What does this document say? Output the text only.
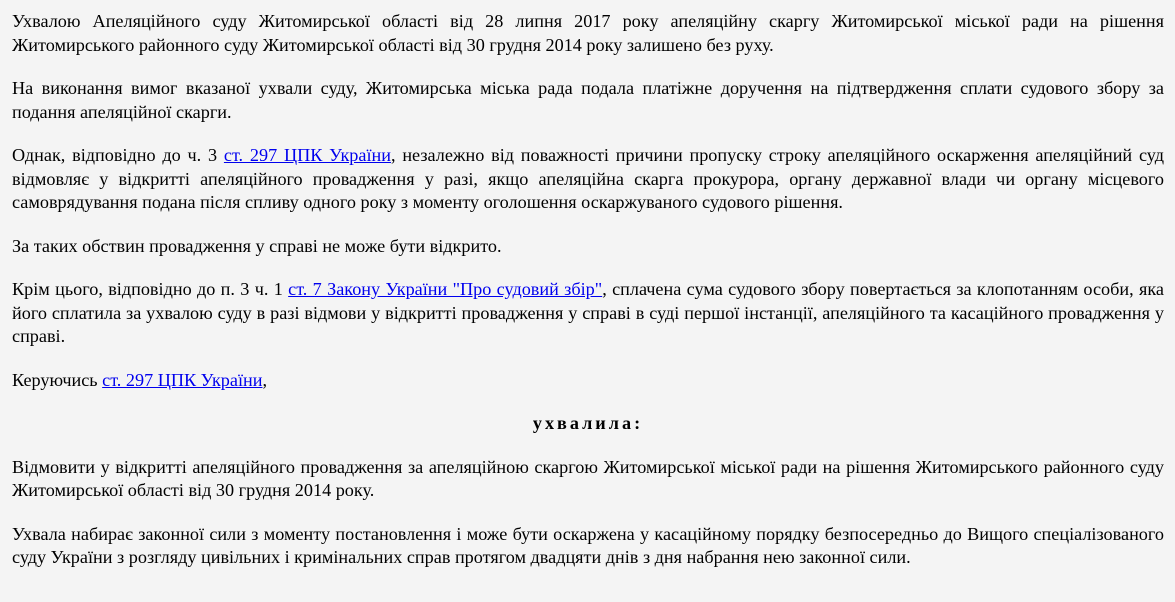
Ухвалою Апеляційного суду Житомирської області від 28 липня 2017 року апеляційну скаргу Житомирської міської ради на рішення Житомирського районного суду Житомирської області від 30 грудня 2014 року залишено без руху.

На виконання вимог вказаної ухвали суду, Житомирська міська рада подала платіжне доручення на підтвердження сплати судового збору за подання апеляційної скарги.

Однак, відповідно до ч. 3 ст. 297 ЦПК України, незалежно від поважності причини пропуску строку апеляційного оскарження апеляційний суд відмовляє у відкритті апеляційного провадження у разі, якщо апеляційна скарга прокурора, органу державної влади чи органу місцевого самоврядування подана після спливу одного року з моменту оголошення оскаржуваного судового рішення.

За таких обствин провадження у справі не може бути відкрито.

Крім цього, відповідно до п. 3 ч. 1 ст. 7 Закону України "Про судовий збір", сплачена сума судового збору повертається за клопотанням особи, яка його сплатила за ухвалою суду в разі відмови у відкритті провадження у справі в суді першої інстанції, апеляційного та касаційного провадження у справі.

Керуючись ст. 297 ЦПК України,

ухвалила:

Відмовити у відкритті апеляційного провадження за апеляційною скаргою Житомирської міської ради на рішення Житомирського районного суду Житомирської області від 30 грудня 2014 року.

Ухвала набирає законної сили з моменту постановлення і може бути оскаржена у касаційному порядку безпосередньо до Вищого спеціалізованого суду України з розгляду цивільних і кримінальних справ протягом двадцяти днів з дня набрання нею законної сили.
